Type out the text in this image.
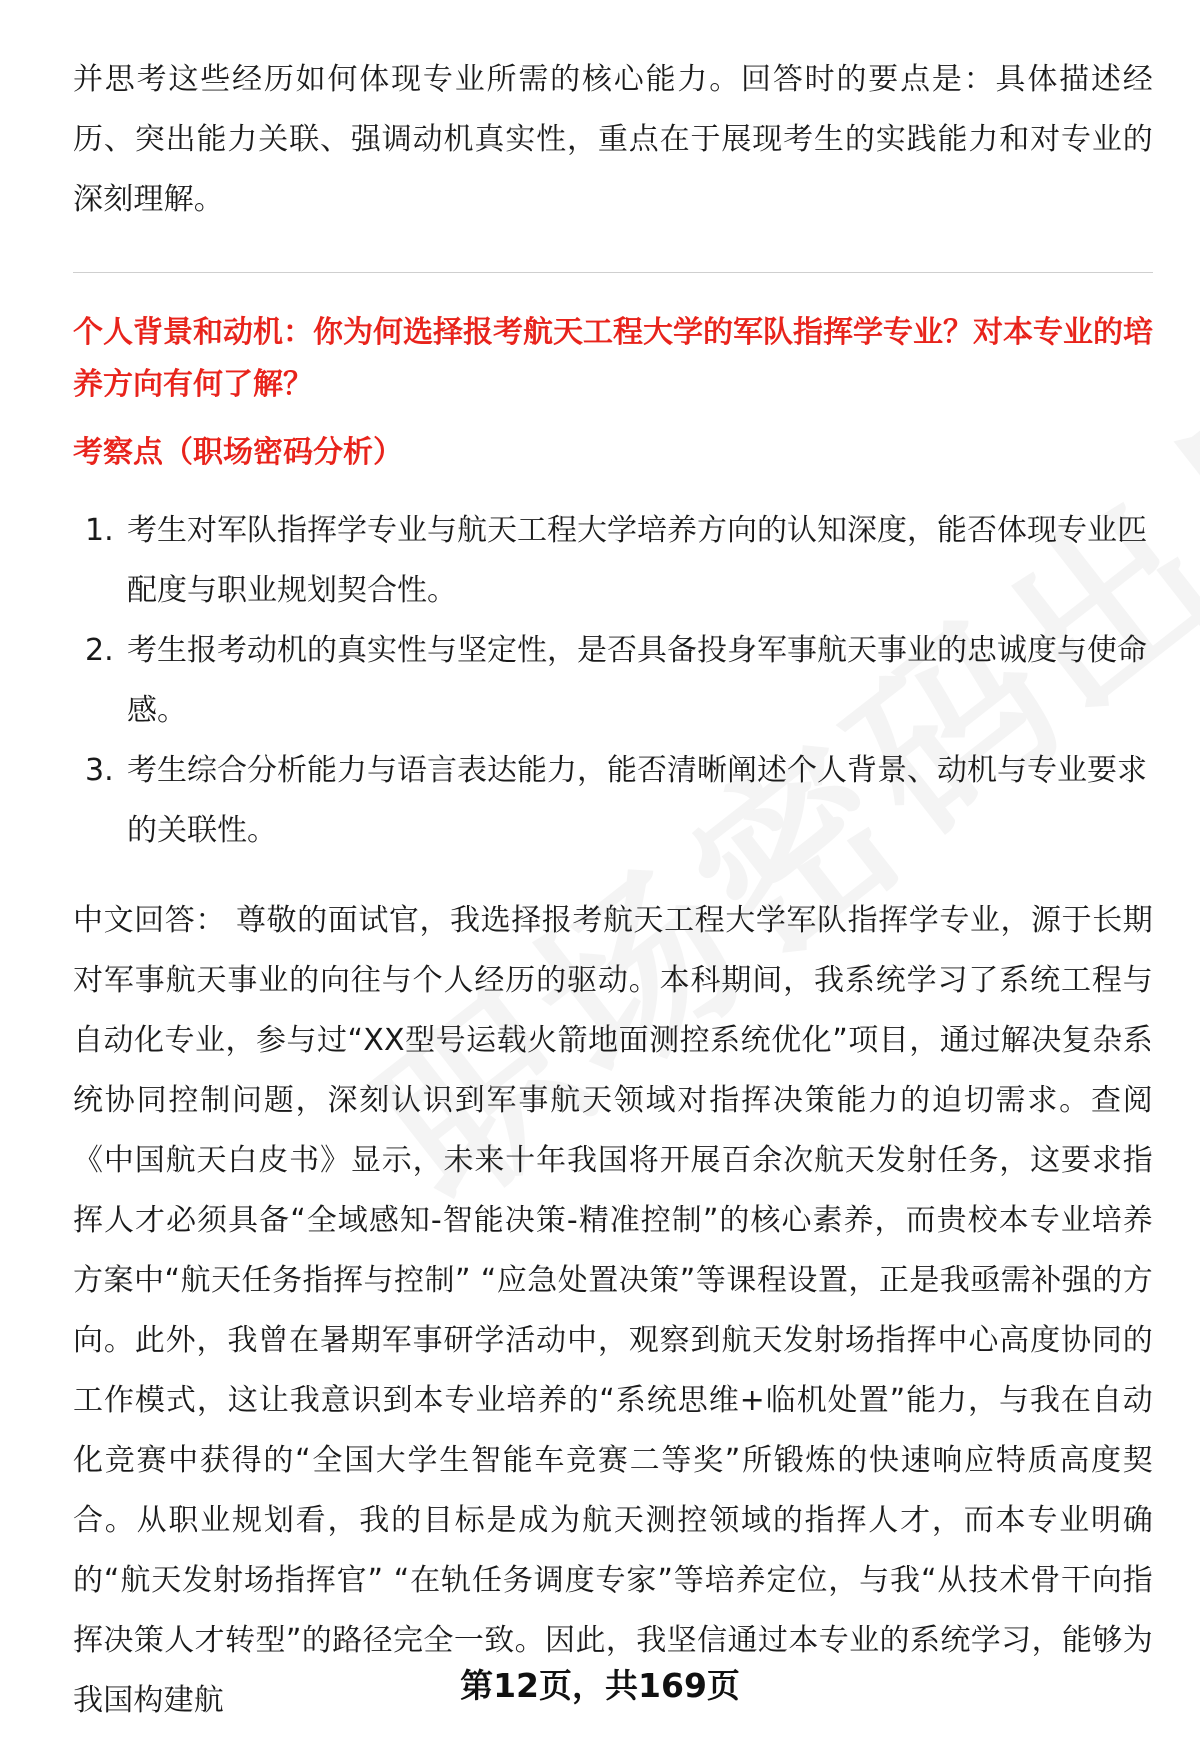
并思考这些经历如何体现专业所需的核心能力。回答时的要点是：具体描述经历、突出能力关联、强调动机真实性，重点在于展现考生的实践能力和对专业的深刻理解。

个人背景和动机：你为何选择报考航天工程大学的军队指挥学专业？对本专业的培养方向有何了解？

考察点（职场密码分析）

1. 考生对军队指挥学专业与航天工程大学培养方向的认知深度，能否体现专业匹配度与职业规划契合性。
2. 考生报考动机的真实性与坚定性，是否具备投身军事航天事业的忠诚度与使命感。
3. 考生综合分析能力与语言表达能力，能否清晰阐述个人背景、动机与专业要求的关联性。

中文回答： 尊敬的面试官，我选择报考航天工程大学军队指挥学专业，源于长期对军事航天事业的向往与个人经历的驱动。本科期间，我系统学习了系统工程与自动化专业，参与过“XX型号运载火箭地面测控系统优化”项目，通过解决复杂系统协同控制问题，深刻认识到军事航天领域对指挥决策能力的迫切需求。查阅《中国航天白皮书》显示，未来十年我国将开展百余次航天发射任务，这要求指挥人才必须具备“全域感知-智能决策-精准控制”的核心素养，而贵校本专业培养方案中“航天任务指挥与控制” “应急处置决策”等课程设置，正是我亟需补强的方向。此外，我曾在暑期军事研学活动中，观察到航天发射场指挥中心高度协同的工作模式，这让我意识到本专业培养的“系统思维+临机处置”能力，与我在自动化竞赛中获得的“全国大学生智能车竞赛二等奖”所锻炼的快速响应特质高度契合。从职业规划看，我的目标是成为航天测控领域的指挥人才，而本专业明确的“航天发射场指挥官” “在轨任务调度专家”等培养定位，与我“从技术骨干向指挥决策人才转型”的路径完全一致。因此，我坚信通过本专业的系统学习，能够为我国构建航	第12页，共169页
